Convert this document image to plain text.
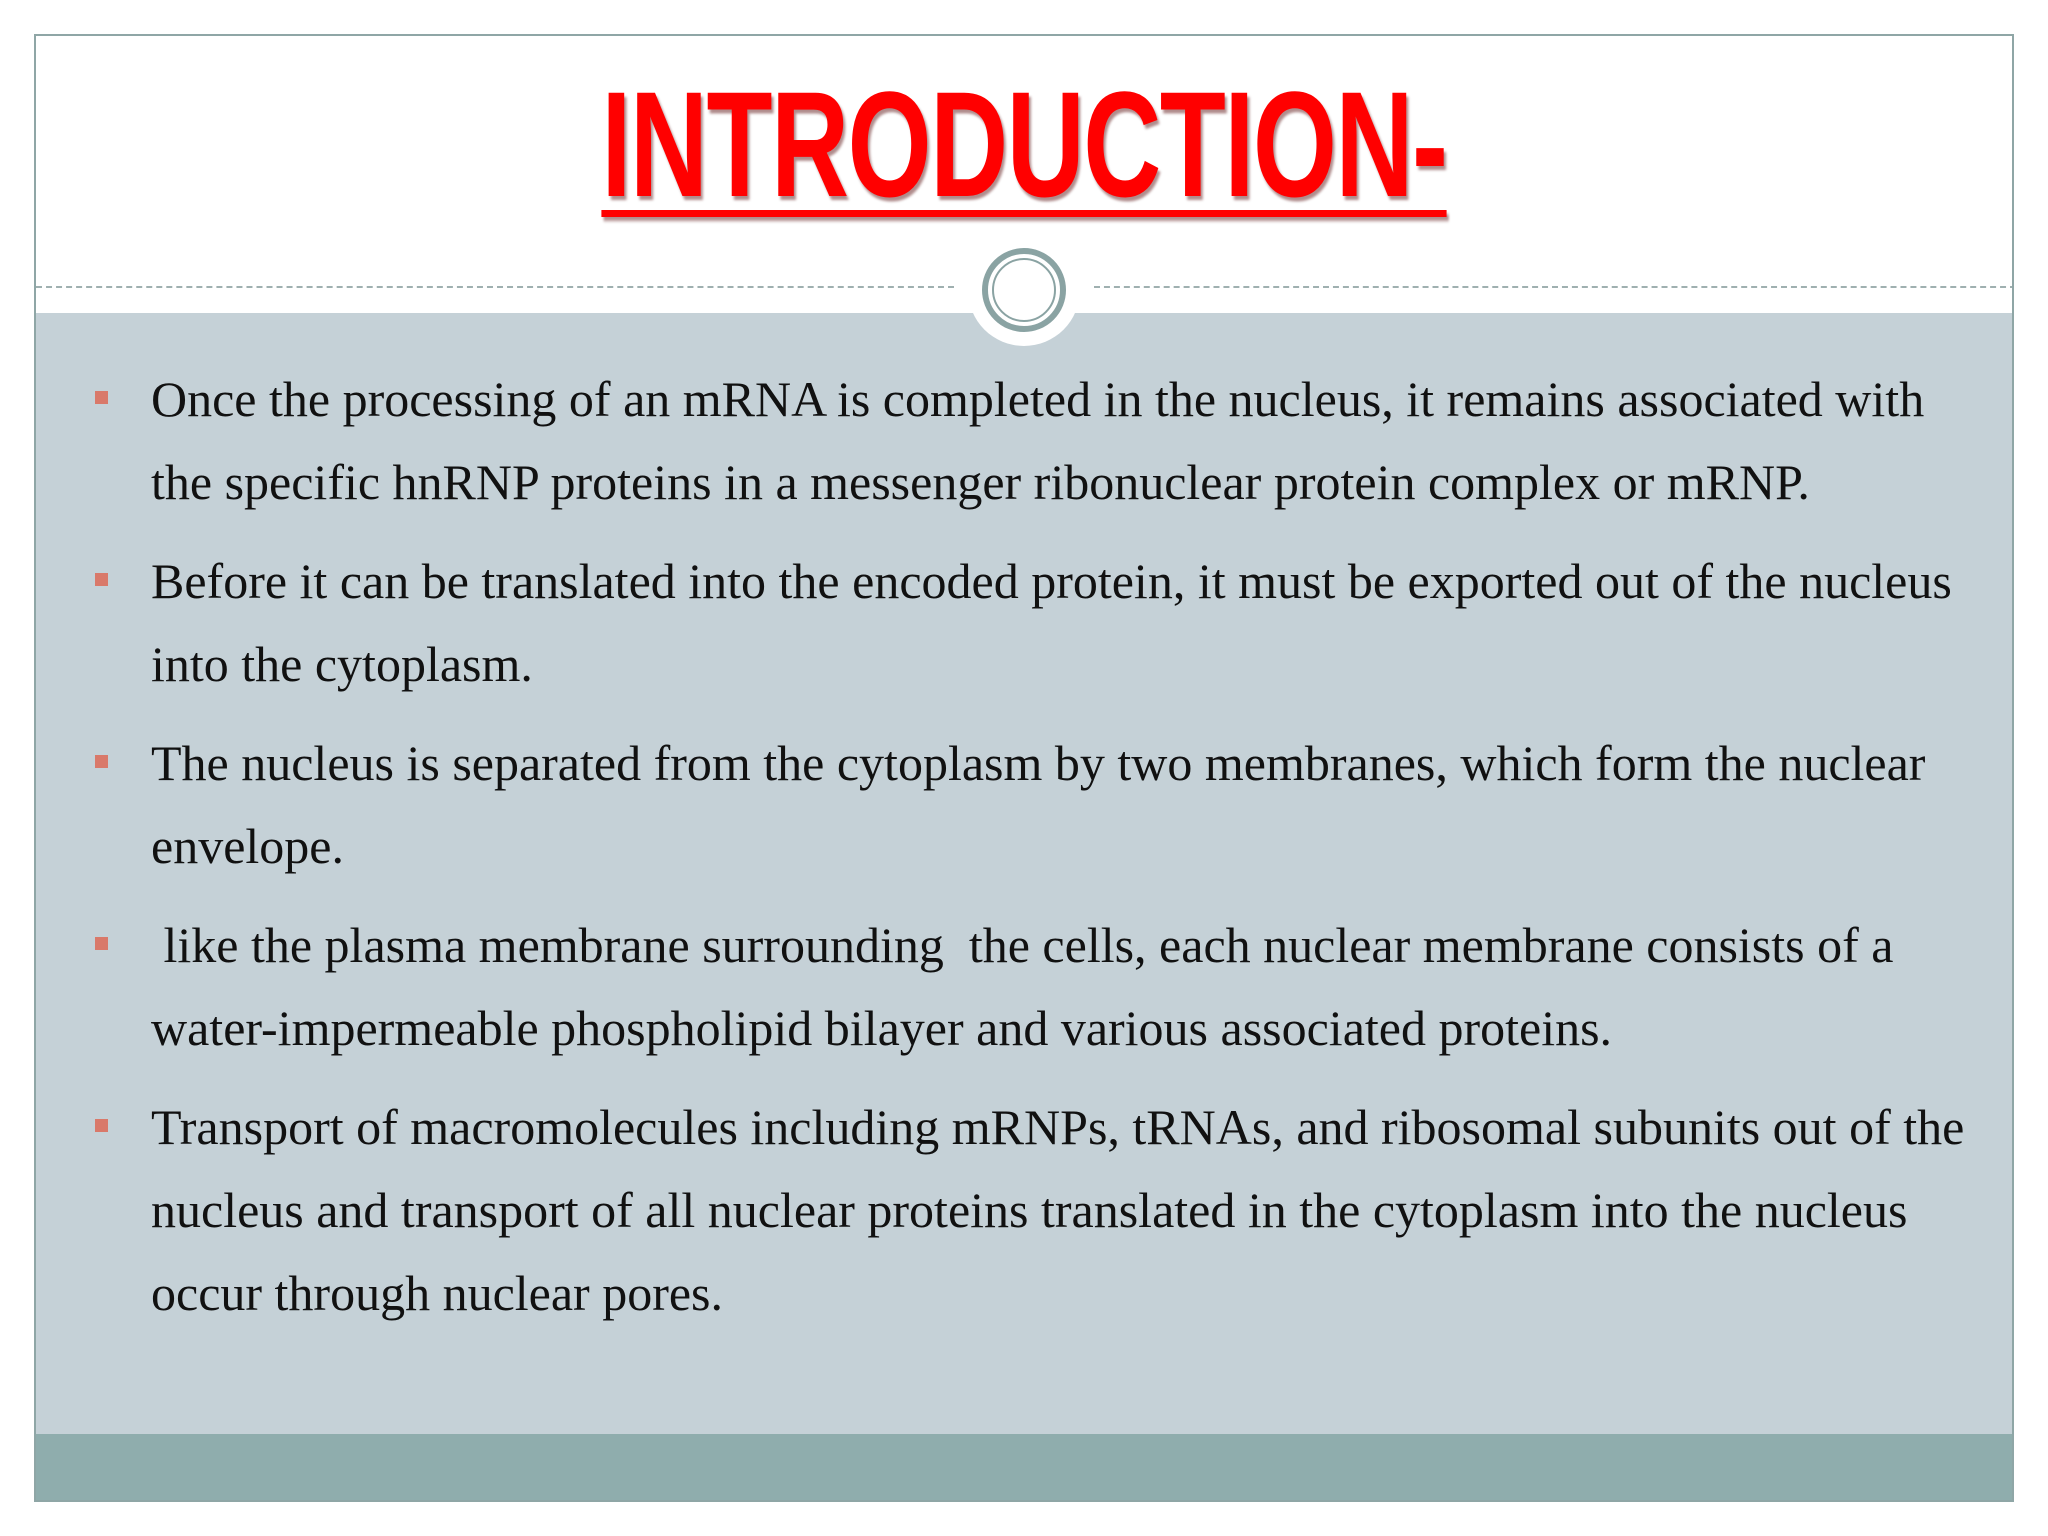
INTRODUCTION-
Once the processing of an mRNA is completed in the nucleus, it remains associated with the specific hnRNP proteins in a messenger ribonuclear protein complex or mRNP.
Before it can be translated into the encoded protein, it must be exported out of the nucleus into the cytoplasm.
The nucleus is separated from the cytoplasm by two membranes, which form the nuclear envelope.
like the plasma membrane surrounding  the cells, each nuclear membrane consists of a water-impermeable phospholipid bilayer and various associated proteins.
Transport of macromolecules including mRNPs, tRNAs, and ribosomal subunits out of the nucleus and transport of all nuclear proteins translated in the cytoplasm into the nucleus occur through nuclear pores.
